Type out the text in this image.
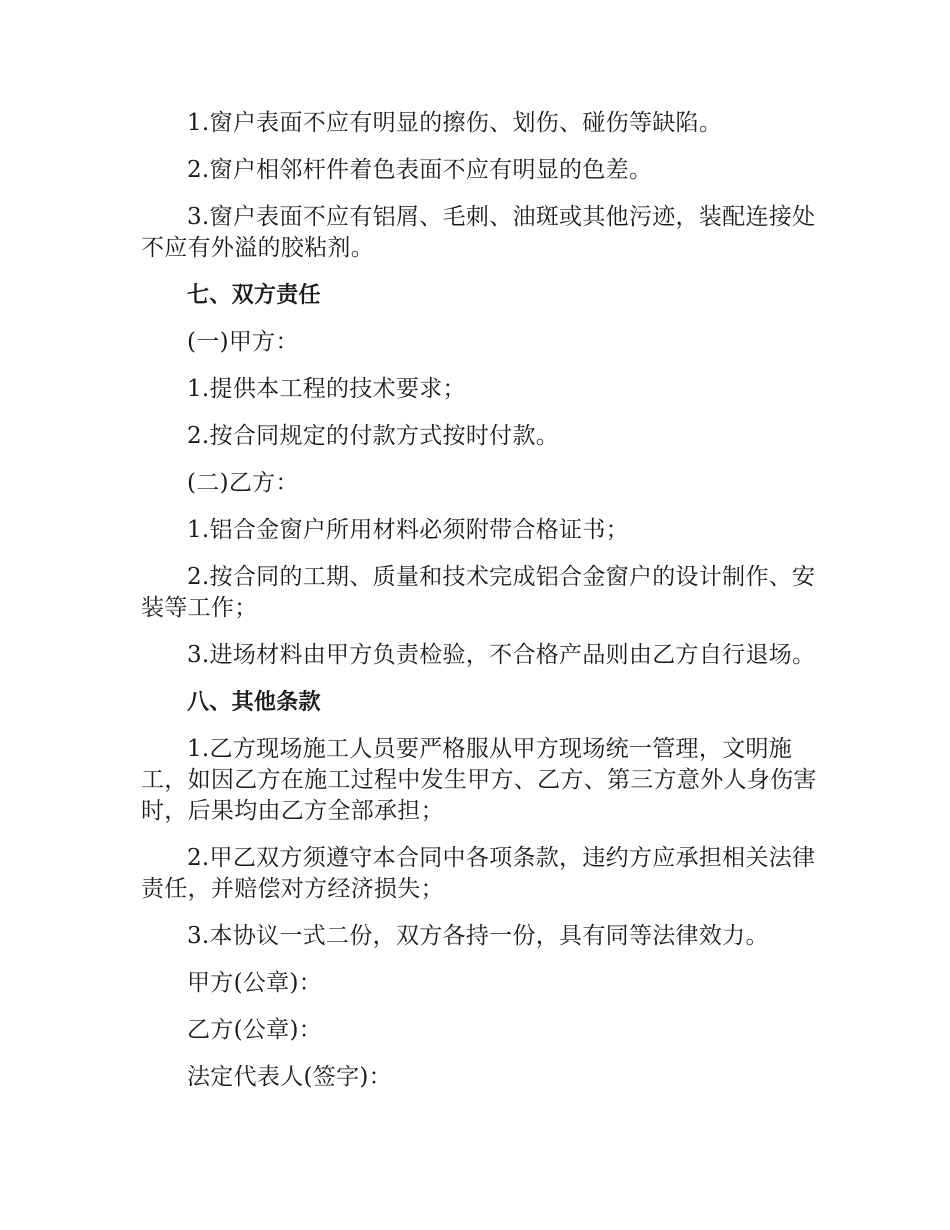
1.窗户表面不应有明显的擦伤、划伤、碰伤等缺陷。

2.窗户相邻杆件着色表面不应有明显的色差。

3.窗户表面不应有铝屑、毛刺、油斑或其他污迹，装配连接处不应有外溢的胶粘剂。

七、双方责任

(一)甲方：

1.提供本工程的技术要求；

2.按合同规定的付款方式按时付款。

(二)乙方：

1.铝合金窗户所用材料必须附带合格证书；

2.按合同的工期、质量和技术完成铝合金窗户的设计制作、安装等工作；

3.进场材料由甲方负责检验，不合格产品则由乙方自行退场。

八、其他条款

1.乙方现场施工人员要严格服从甲方现场统一管理，文明施工，如因乙方在施工过程中发生甲方、乙方、第三方意外人身伤害时，后果均由乙方全部承担；

2.甲乙双方须遵守本合同中各项条款，违约方应承担相关法律责任，并赔偿对方经济损失；

3.本协议一式二份，双方各持一份，具有同等法律效力。

甲方(公章)：

乙方(公章)：

法定代表人(签字)：
